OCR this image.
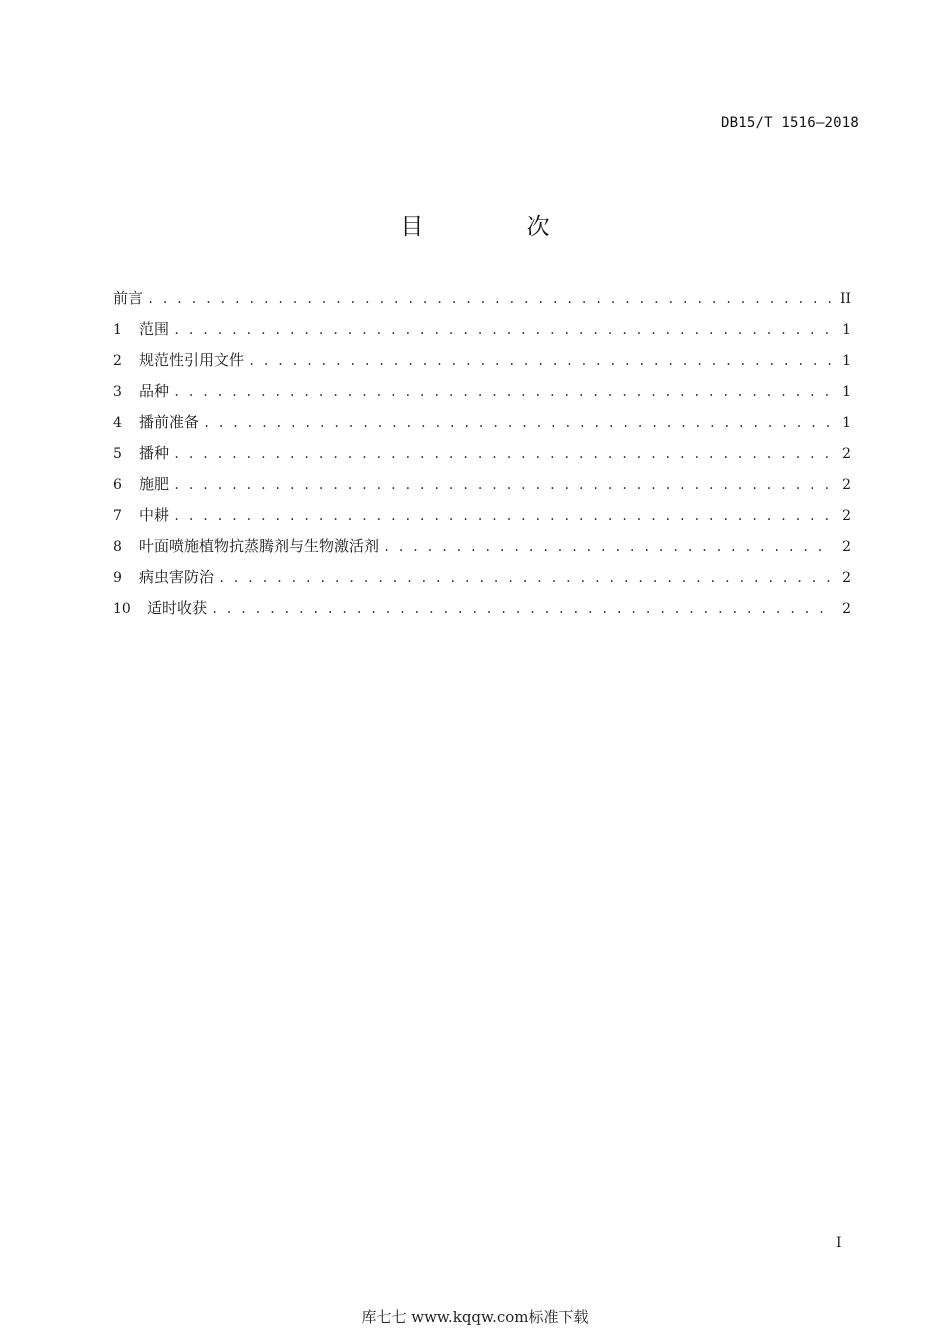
DB15/T 1516—2018
目 次
前言 . . .	II
1	范围 . . .	1
2	规范性引用文件 . . .	1
3	品种 . . .	1
4	播前准备 . . .	1
5	播种 . . .	2
6	施肥 . . .	2
7	中耕 . . .	2
8	叶面喷施植物抗蒸腾剂与生物激活剂 . . .	2
9	病虫害防治 . . .	2
10	适时收获 . . .	2
I
库七七 www.kqqw.com标准下载
